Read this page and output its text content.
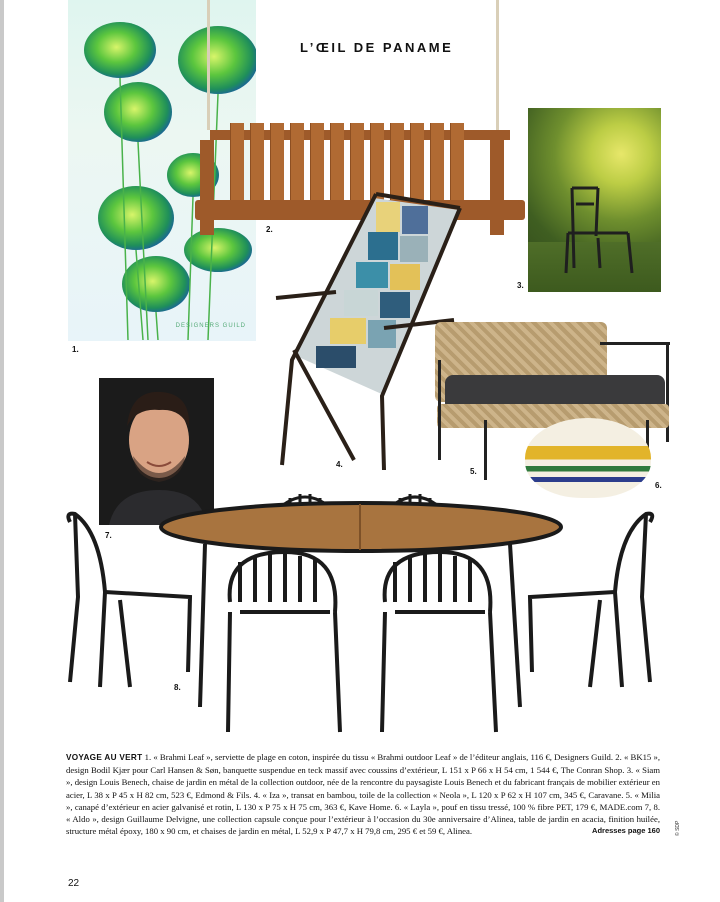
L’ŒIL DE PANAME
DESIGNERS GUILD
1.
2.
3.
4.
5.
6.
7.
8.
VOYAGE AU VERT 1. « Brahmi Leaf », serviette de plage en coton, inspirée du tissu « Brahmi outdoor Leaf » de l’éditeur anglais, 116 €, Designers Guild. 2. « BK15 », design Bodil Kjær pour Carl Hansen & Søn, banquette suspendue en teck massif avec coussins d’extérieur, L 151 x P 66 x H 54 cm, 1 544 €, The Conran Shop. 3. « Siam », design Louis Benech, chaise de jardin en métal de la collection outdoor, née de la rencontre du paysagiste Louis Benech et du fabricant français de mobilier extérieur en acier, L 38 x P 45 x H 82 cm, 523 €, Edmond & Fils. 4. « Iza », transat en bambou, toile de la collection « Neola », L 120 x P 62 x H 107 cm, 345 €, Caravane. 5. « Milia », canapé d’extérieur en acier galvanisé et rotin, L 130 x P 75 x H 75 cm, 363 €, Kave Home. 6. « Layla », pouf en tissu tressé, 100 % fibre PET, 179 €, MADE.com 7, 8. « Aldo », design Guillaume Delvigne, une collection capsule conçue pour l’extérieur à l’occasion du 30e anniversaire d’Alinea, table de jardin en acacia, finition huilée, structure métal époxy, 180 x 90 cm, et chaises de jardin en métal, L 52,9 x P 47,7 x H 79,8 cm, 295 € et 59 €, Alinea.	Adresses page 160	© SDP
22
